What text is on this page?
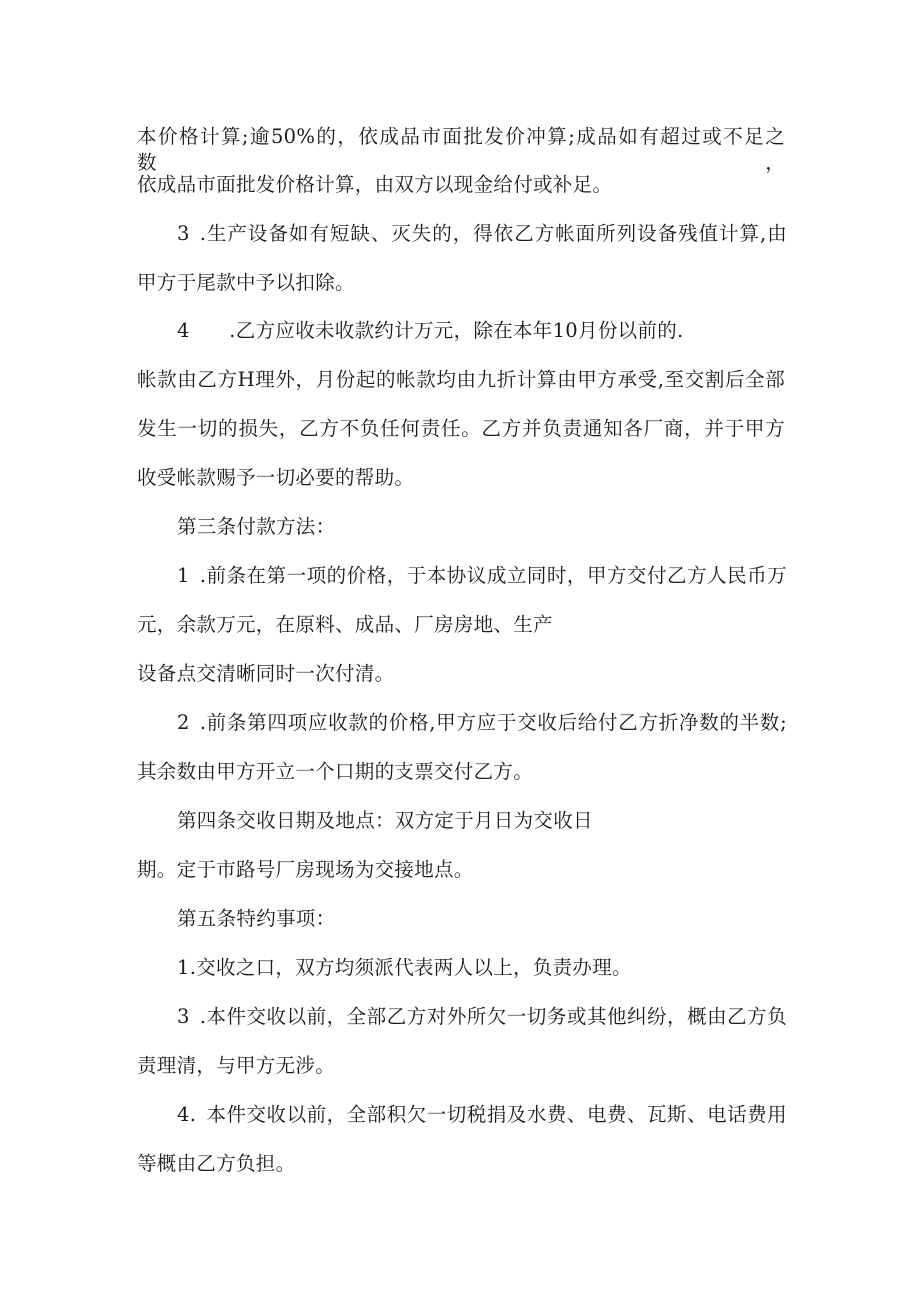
本价格计算;逾50%的，依成品市面批发价冲算;成品如有超过或不足之数，
依成品市面批发价格计算，由双方以现金给付或补足。
3 .生产设备如有短缺、灭失的，得依乙方帐面所列设备残值计算,由
甲方于尾款中予以扣除。
4  .乙方应收未收款约计万元，除在本年10月份以前的.
帐款由乙方H理外，月份起的帐款均由九折计算由甲方承受,至交割后全部
发生一切的损失，乙方不负任何责任。乙方并负责通知各厂商，并于甲方
收受帐款赐予一切必要的帮助。
第三条付款方法：
1 .前条在第一项的价格，于本协议成立同时，甲方交付乙方人民币万
元，余款万元，在原料、成品、厂房房地、生产
设备点交清晰同时一次付清。
2 .前条第四项应收款的价格,甲方应于交收后给付乙方折净数的半数;
其余数由甲方开立一个口期的支票交付乙方。
第四条交收日期及地点：双方定于月日为交收日
期。定于市路号厂房现场为交接地点。
第五条特约事项：
1.交收之口，双方均须派代表两人以上，负责办理。
3 .本件交收以前，全部乙方对外所欠一切务或其他纠纷，概由乙方负
责理清，与甲方无涉。
4. 本件交收以前，全部积欠一切税捐及水费、电费、瓦斯、电话费用
等概由乙方负担。
